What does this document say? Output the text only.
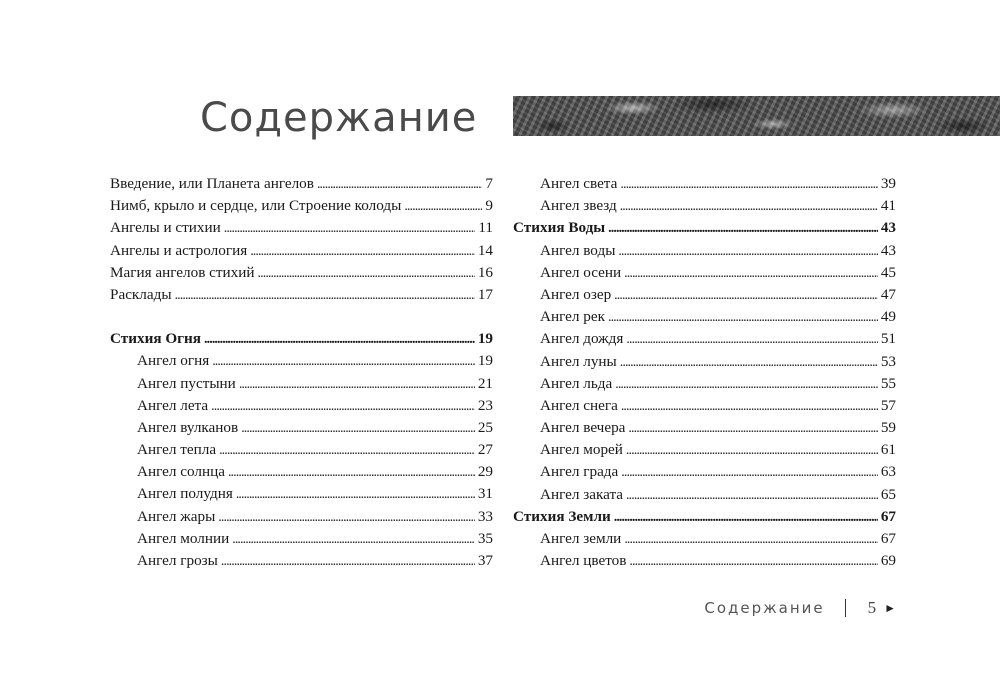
Содержание
Введение, или Планета ангелов . . .	7
Нимб, крыло и сердце, или Строение колоды . . .	9
Ангелы и стихии . . .	11
Ангелы и астрология . . .	14
Магия ангелов стихий . . .	16
Расклады . . .	17
Стихия Огня . . .	19
Ангел огня . . .	19
Ангел пустыни . . .	21
Ангел лета . . .	23
Ангел вулканов . . .	25
Ангел тепла . . .	27
Ангел солнца . . .	29
Ангел полудня . . .	31
Ангел жары . . .	33
Ангел молнии . . .	35
Ангел грозы . . .	37
Ангел света . . .	39
Ангел звезд . . .	41
Стихия Воды . . .	43
Ангел воды . . .	43
Ангел осени . . .	45
Ангел озер . . .	47
Ангел рек . . .	49
Ангел дождя . . .	51
Ангел луны . . .	53
Ангел льда . . .	55
Ангел снега . . .	57
Ангел вечера . . .	59
Ангел морей . . .	61
Ангел града . . .	63
Ангел заката . . .	65
Стихия Земли . . .	67
Ангел земли . . .	67
Ангел цветов . . .	69
Содержание	5 ►
